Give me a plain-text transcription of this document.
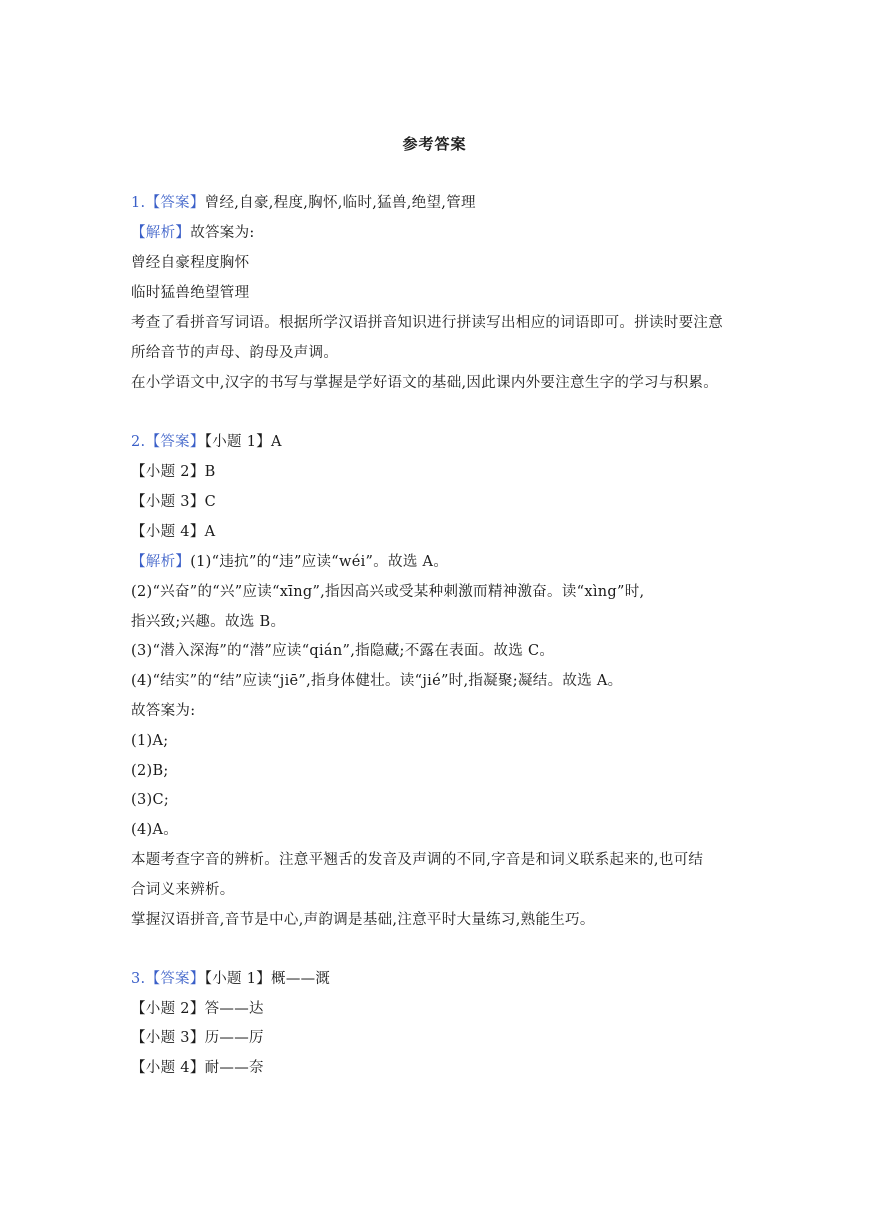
参考答案
1.【答案】曾经,自豪,程度,胸怀,临时,猛兽,绝望,管理
【解析】故答案为:
曾经自豪程度胸怀
临时猛兽绝望管理
考查了看拼音写词语。根据所学汉语拼音知识进行拼读写出相应的词语即可。拼读时要注意
所给音节的声母、韵母及声调。
在小学语文中,汉字的书写与掌握是学好语文的基础,因此课内外要注意生字的学习与积累。
2.【答案】【小题 1】A
【小题 2】B
【小题 3】C
【小题 4】A
【解析】(1)“违抗”的“违”应读“wéi”。故选 A。
(2)“兴奋”的“兴”应读“xīng”,指因高兴或受某种刺激而精神激奋。读“xìng”时,
指兴致;兴趣。故选 B。
(3)“潜入深海”的“潜”应读“qián”,指隐藏;不露在表面。故选 C。
(4)“结实”的“结”应读“jiē”,指身体健壮。读“jié”时,指凝聚;凝结。故选 A。
故答案为:
(1)A;
(2)B;
(3)C;
(4)A。
本题考查字音的辨析。注意平翘舌的发音及声调的不同,字音是和词义联系起来的,也可结
合词义来辨析。
掌握汉语拼音,音节是中心,声韵调是基础,注意平时大量练习,熟能生巧。
3.【答案】【小题 1】概——溉
【小题 2】答——达
【小题 3】历——厉
【小题 4】耐——奈
